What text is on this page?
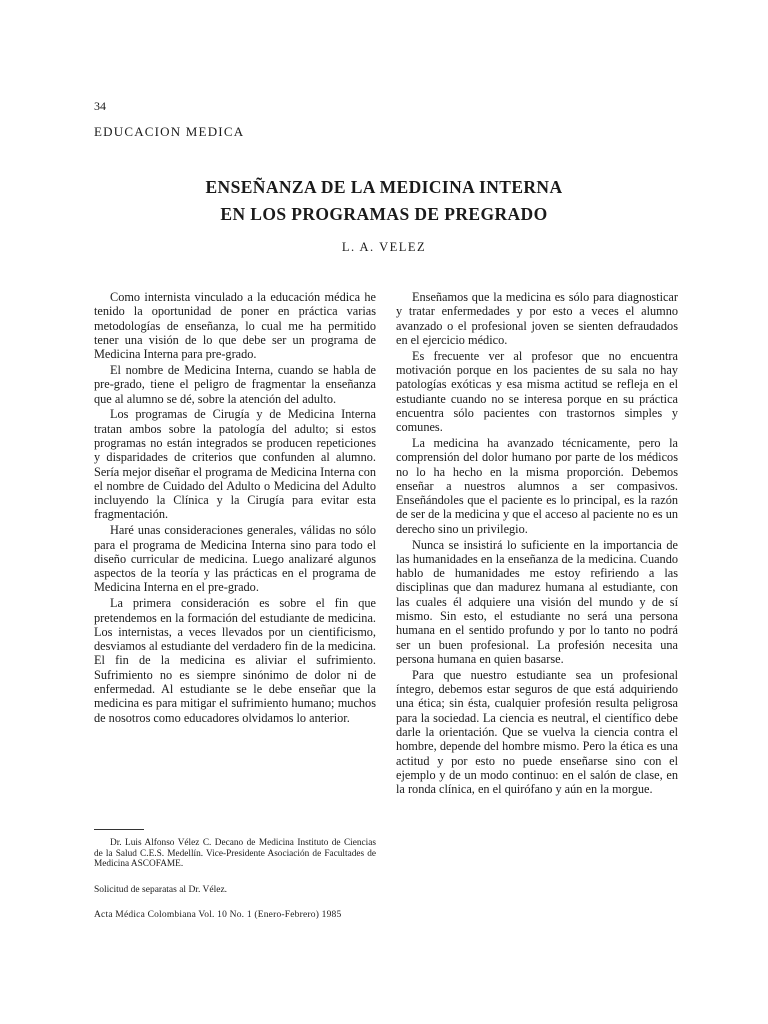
34
EDUCACION MEDICA
ENSEÑANZA DE LA MEDICINA INTERNA
EN LOS PROGRAMAS DE PREGRADO
L. A. VELEZ

Como internista vinculado a la educación médica he tenido la oportunidad de poner en práctica varias metodologías de enseñanza, lo cual me ha permitido tener una visión de lo que debe ser un programa de Medicina Interna para pre-grado.

El nombre de Medicina Interna, cuando se habla de pre-grado, tiene el peligro de fragmentar la enseñanza que al alumno se dé, sobre la atención del adulto.

Los programas de Cirugía y de Medicina Interna tratan ambos sobre la patología del adulto; si estos programas no están integrados se producen repeticiones y disparidades de criterios que confunden al alumno. Sería mejor diseñar el programa de Medicina Interna con el nombre de Cuidado del Adulto o Medicina del Adulto incluyendo la Clínica y la Cirugía para evitar esta fragmentación.

Haré unas consideraciones generales, válidas no sólo para el programa de Medicina Interna sino para todo el diseño curricular de medicina. Luego analizaré algunos aspectos de la teoría y las prácticas en el programa de Medicina Interna en el pre-grado.

La primera consideración es sobre el fin que pretendemos en la formación del estudiante de medicina. Los internistas, a veces llevados por un cientificismo, desviamos al estudiante del verdadero fin de la medicina. El fin de la medicina es aliviar el sufrimiento. Sufrimiento no es siempre sinónimo de dolor ni de enfermedad. Al estudiante se le debe enseñar que la medicina es para mitigar el sufrimiento humano; muchos de nosotros como educadores olvidamos lo anterior.

Enseñamos que la medicina es sólo para diagnosticar y tratar enfermedades y por esto a veces el alumno avanzado o el profesional joven se sienten defraudados en el ejercicio médico.

Es frecuente ver al profesor que no encuentra motivación porque en los pacientes de su sala no hay patologías exóticas y esa misma actitud se refleja en el estudiante cuando no se interesa porque en su práctica encuentra sólo pacientes con trastornos simples y comunes.

La medicina ha avanzado técnicamente, pero la comprensión del dolor humano por parte de los médicos no lo ha hecho en la misma proporción. Debemos enseñar a nuestros alumnos a ser compasivos. Enseñándoles que el paciente es lo principal, es la razón de ser de la medicina y que el acceso al paciente no es un derecho sino un privilegio.

Nunca se insistirá lo suficiente en la importancia de las humanidades en la enseñanza de la medicina. Cuando hablo de humanidades me estoy refiriendo a las disciplinas que dan madurez humana al estudiante, con las cuales él adquiere una visión del mundo y de sí mismo. Sin esto, el estudiante no será una persona humana en el sentido profundo y por lo tanto no podrá ser un buen profesional. La profesión necesita una persona humana en quien basarse.

Para que nuestro estudiante sea un profesional íntegro, debemos estar seguros de que está adquiriendo una ética; sin ésta, cualquier profesión resulta peligrosa para la sociedad. La ciencia es neutral, el científico debe darle la orientación. Que se vuelva la ciencia contra el hombre, depende del hombre mismo. Pero la ética es una actitud y por esto no puede enseñarse sino con el ejemplo y de un modo continuo: en el salón de clase, en la ronda clínica, en el quirófano y aún en la morgue.

Dr. Luis Alfonso Vélez C. Decano de Medicina Instituto de Ciencias de la Salud C.E.S. Medellín. Vice-Presidente Asociación de Facultades de Medicina ASCOFAME.

Solicitud de separatas al Dr. Vélez.
Acta Médica Colombiana Vol. 10 No. 1 (Enero-Febrero) 1985
